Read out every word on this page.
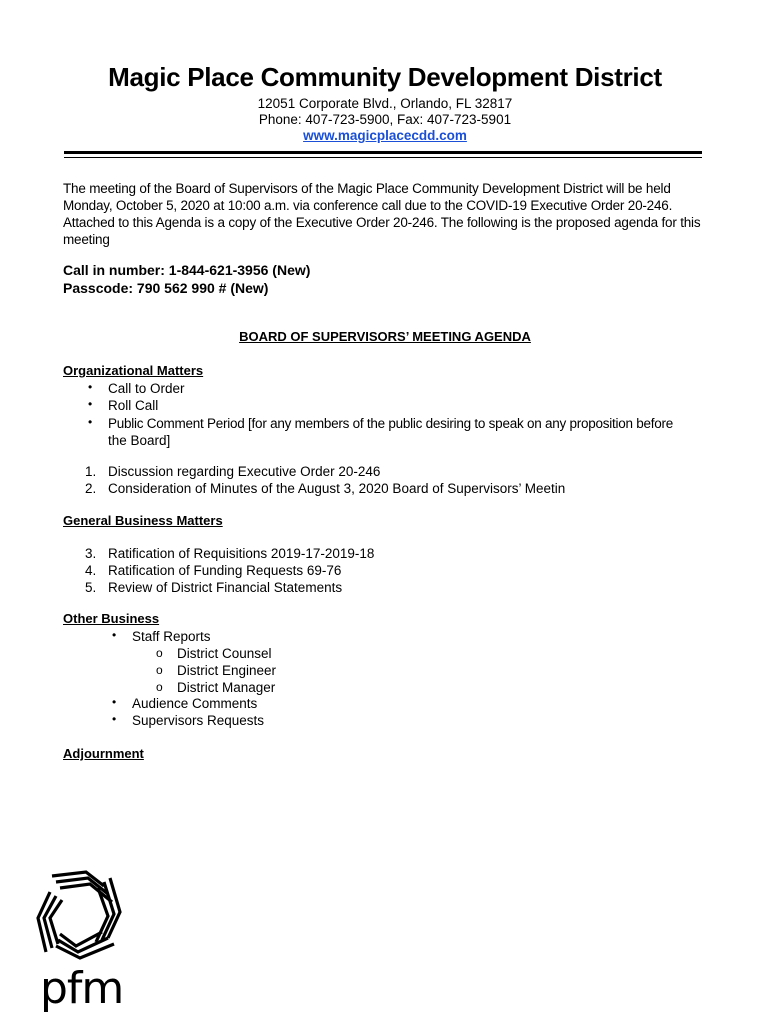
Magic Place Community Development District
12051 Corporate Blvd., Orlando, FL 32817
Phone: 407-723-5900, Fax: 407-723-5901
www.magicplacecdd.com
The meeting of the Board of Supervisors of the Magic Place Community Development District will be held Monday, October 5, 2020 at 10:00 a.m. via conference call due to the COVID-19 Executive Order 20-246. Attached to this Agenda is a copy of the Executive Order 20-246. The following is the proposed agenda for this meeting
Call in number: 1-844-621-3956 (New)
Passcode: 790 562 990 # (New)
BOARD OF SUPERVISORS’ MEETING AGENDA
Organizational Matters
• Call to Order
• Roll Call
• Public Comment Period [for any members of the public desiring to speak on any proposition before
the Board]
1. Discussion regarding Executive Order 20-246
2. Consideration of Minutes of the August 3, 2020 Board of Supervisors’ Meetin
General Business Matters
3. Ratification of Requisitions 2019-17-2019-18
4. Ratification of Funding Requests 69-76
5. Review of District Financial Statements
Other Business
• Staff Reports
o District Counsel
o District Engineer
o District Manager
• Audience Comments
• Supervisors Requests
Adjournment
pfm
